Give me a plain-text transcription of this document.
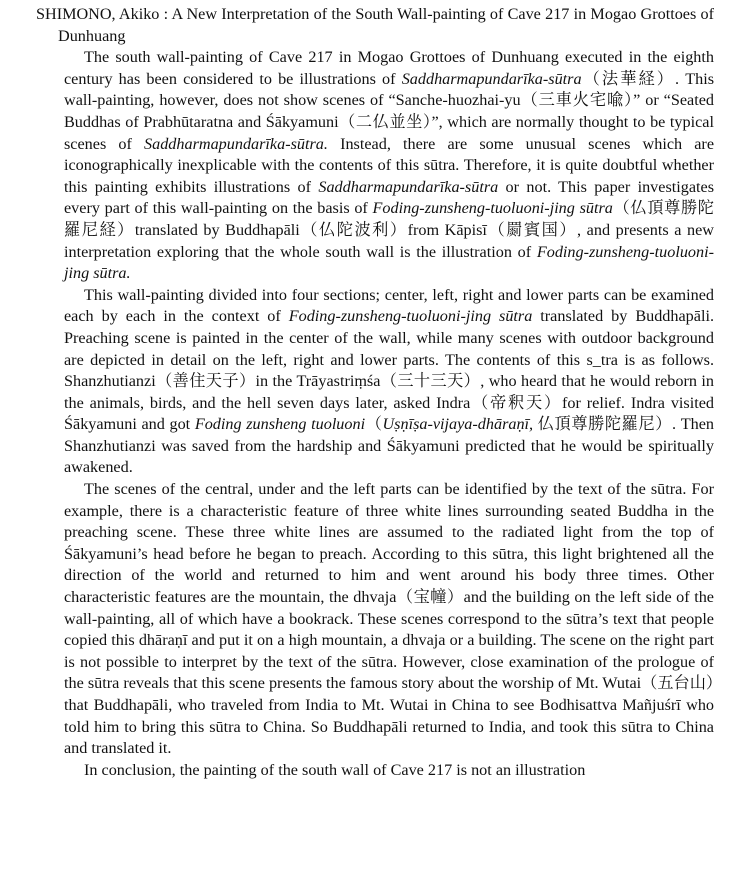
SHIMONO, Akiko : A New Interpretation of the South Wall-painting of Cave 217 in Mogao Grottoes of Dunhuang

The south wall-painting of Cave 217 in Mogao Grottoes of Dunhuang executed in the eighth century has been considered to be illustrations of Saddharmapundarīka-sūtra（法華経）. This wall-painting, however, does not show scenes of “Sanche-huozhai-yu（三車火宅喩）” or “Seated Buddhas of Prabhūtaratna and Śākyamuni（二仏並坐）”, which are normally thought to be typical scenes of Saddharmapundarīka-sūtra. Instead, there are some unusual scenes which are iconographically inexplicable with the contents of this sūtra. Therefore, it is quite doubtful whether this painting exhibits illustrations of Saddharmapundarīka-sūtra or not. This paper investigates every part of this wall-painting on the basis of Foding-zunsheng-tuoluoni-jing sūtra（仏頂尊勝陀羅尼経）translated by Buddhapāli（仏陀波利）from Kāpisī（罽賓国）, and presents a new interpretation exploring that the whole south wall is the illustration of Foding-zunsheng-tuoluoni-jing sūtra.

This wall-painting divided into four sections; center, left, right and lower parts can be examined each by each in the context of Foding-zunsheng-tuoluoni-jing sūtra translated by Buddhapāli. Preaching scene is painted in the center of the wall, while many scenes with outdoor background are depicted in detail on the left, right and lower parts. The contents of this s_tra is as follows. Shanzhutianzi（善住天子）in the Trāyastriṃśa（三十三天）, who heard that he would reborn in the animals, birds, and the hell seven days later, asked Indra（帝釈天）for relief. Indra visited Śākyamuni and got Foding zunsheng tuoluoni（Uṣṇīṣa-vijaya-dhāraṇī, 仏頂尊勝陀羅尼）. Then Shanzhutianzi was saved from the hardship and Śākyamuni predicted that he would be spiritually awakened.

The scenes of the central, under and the left parts can be identified by the text of the sūtra. For example, there is a characteristic feature of three white lines surrounding seated Buddha in the preaching scene. These three white lines are assumed to the radiated light from the top of Śākyamuni’s head before he began to preach. According to this sūtra, this light brightened all the direction of the world and returned to him and went around his body three times. Other characteristic features are the mountain, the dhvaja（宝幢）and the building on the left side of the wall-painting, all of which have a bookrack. These scenes correspond to the sūtra’s text that people copied this dhāraṇī and put it on a high mountain, a dhvaja or a building. The scene on the right part is not possible to interpret by the text of the sūtra. However, close examination of the prologue of the sūtra reveals that this scene presents the famous story about the worship of Mt. Wutai（五台山）that Buddhapāli, who traveled from India to Mt. Wutai in China to see Bodhisattva Mañjuśrī who told him to bring this sūtra to China. So Buddhapāli returned to India, and took this sūtra to China and translated it.

In conclusion, the painting of the south wall of Cave 217 is not an illustration
